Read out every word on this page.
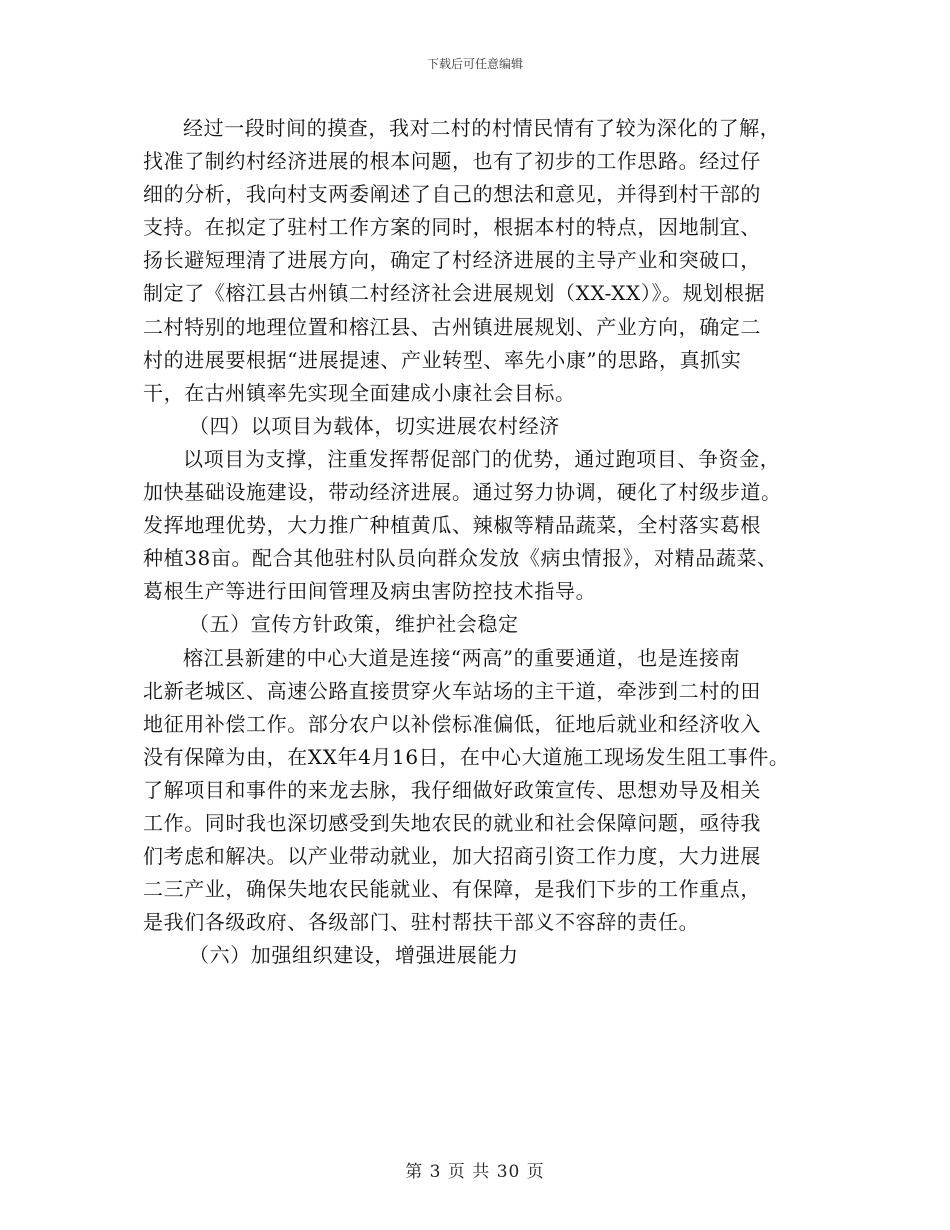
下载后可任意编辑
经过一段时间的摸查，我对二村的村情民情有了较为深化的了解，
找准了制约村经济进展的根本问题，也有了初步的工作思路。经过仔
细的分析，我向村支两委阐述了自己的想法和意见，并得到村干部的
支持。在拟定了驻村工作方案的同时，根据本村的特点，因地制宜、
扬长避短理清了进展方向，确定了村经济进展的主导产业和突破口，
制定了《榕江县古州镇二村经济社会进展规划（XX-XX）》。规划根据
二村特别的地理位置和榕江县、古州镇进展规划、产业方向，确定二
村的进展要根据“进展提速、产业转型、率先小康”的思路，真抓实
干，在古州镇率先实现全面建成小康社会目标。
（四）以项目为载体，切实进展农村经济
以项目为支撑，注重发挥帮促部门的优势，通过跑项目、争资金，
加快基础设施建设，带动经济进展。通过努力协调，硬化了村级步道。
发挥地理优势，大力推广种植黄瓜、辣椒等精品蔬菜，全村落实葛根
种植38亩。配合其他驻村队员向群众发放《病虫情报》，对精品蔬菜、
葛根生产等进行田间管理及病虫害防控技术指导。
（五）宣传方针政策，维护社会稳定
榕江县新建的中心大道是连接“两高”的重要通道，也是连接南
北新老城区、高速公路直接贯穿火车站场的主干道，牵涉到二村的田
地征用补偿工作。部分农户以补偿标准偏低，征地后就业和经济收入
没有保障为由，在XX年4月16日，在中心大道施工现场发生阻工事件。
了解项目和事件的来龙去脉，我仔细做好政策宣传、思想劝导及相关
工作。同时我也深切感受到失地农民的就业和社会保障问题，亟待我
们考虑和解决。以产业带动就业，加大招商引资工作力度，大力进展
二三产业，确保失地农民能就业、有保障，是我们下步的工作重点，
是我们各级政府、各级部门、驻村帮扶干部义不容辞的责任。
（六）加强组织建设，增强进展能力
第 3 页 共 30 页
